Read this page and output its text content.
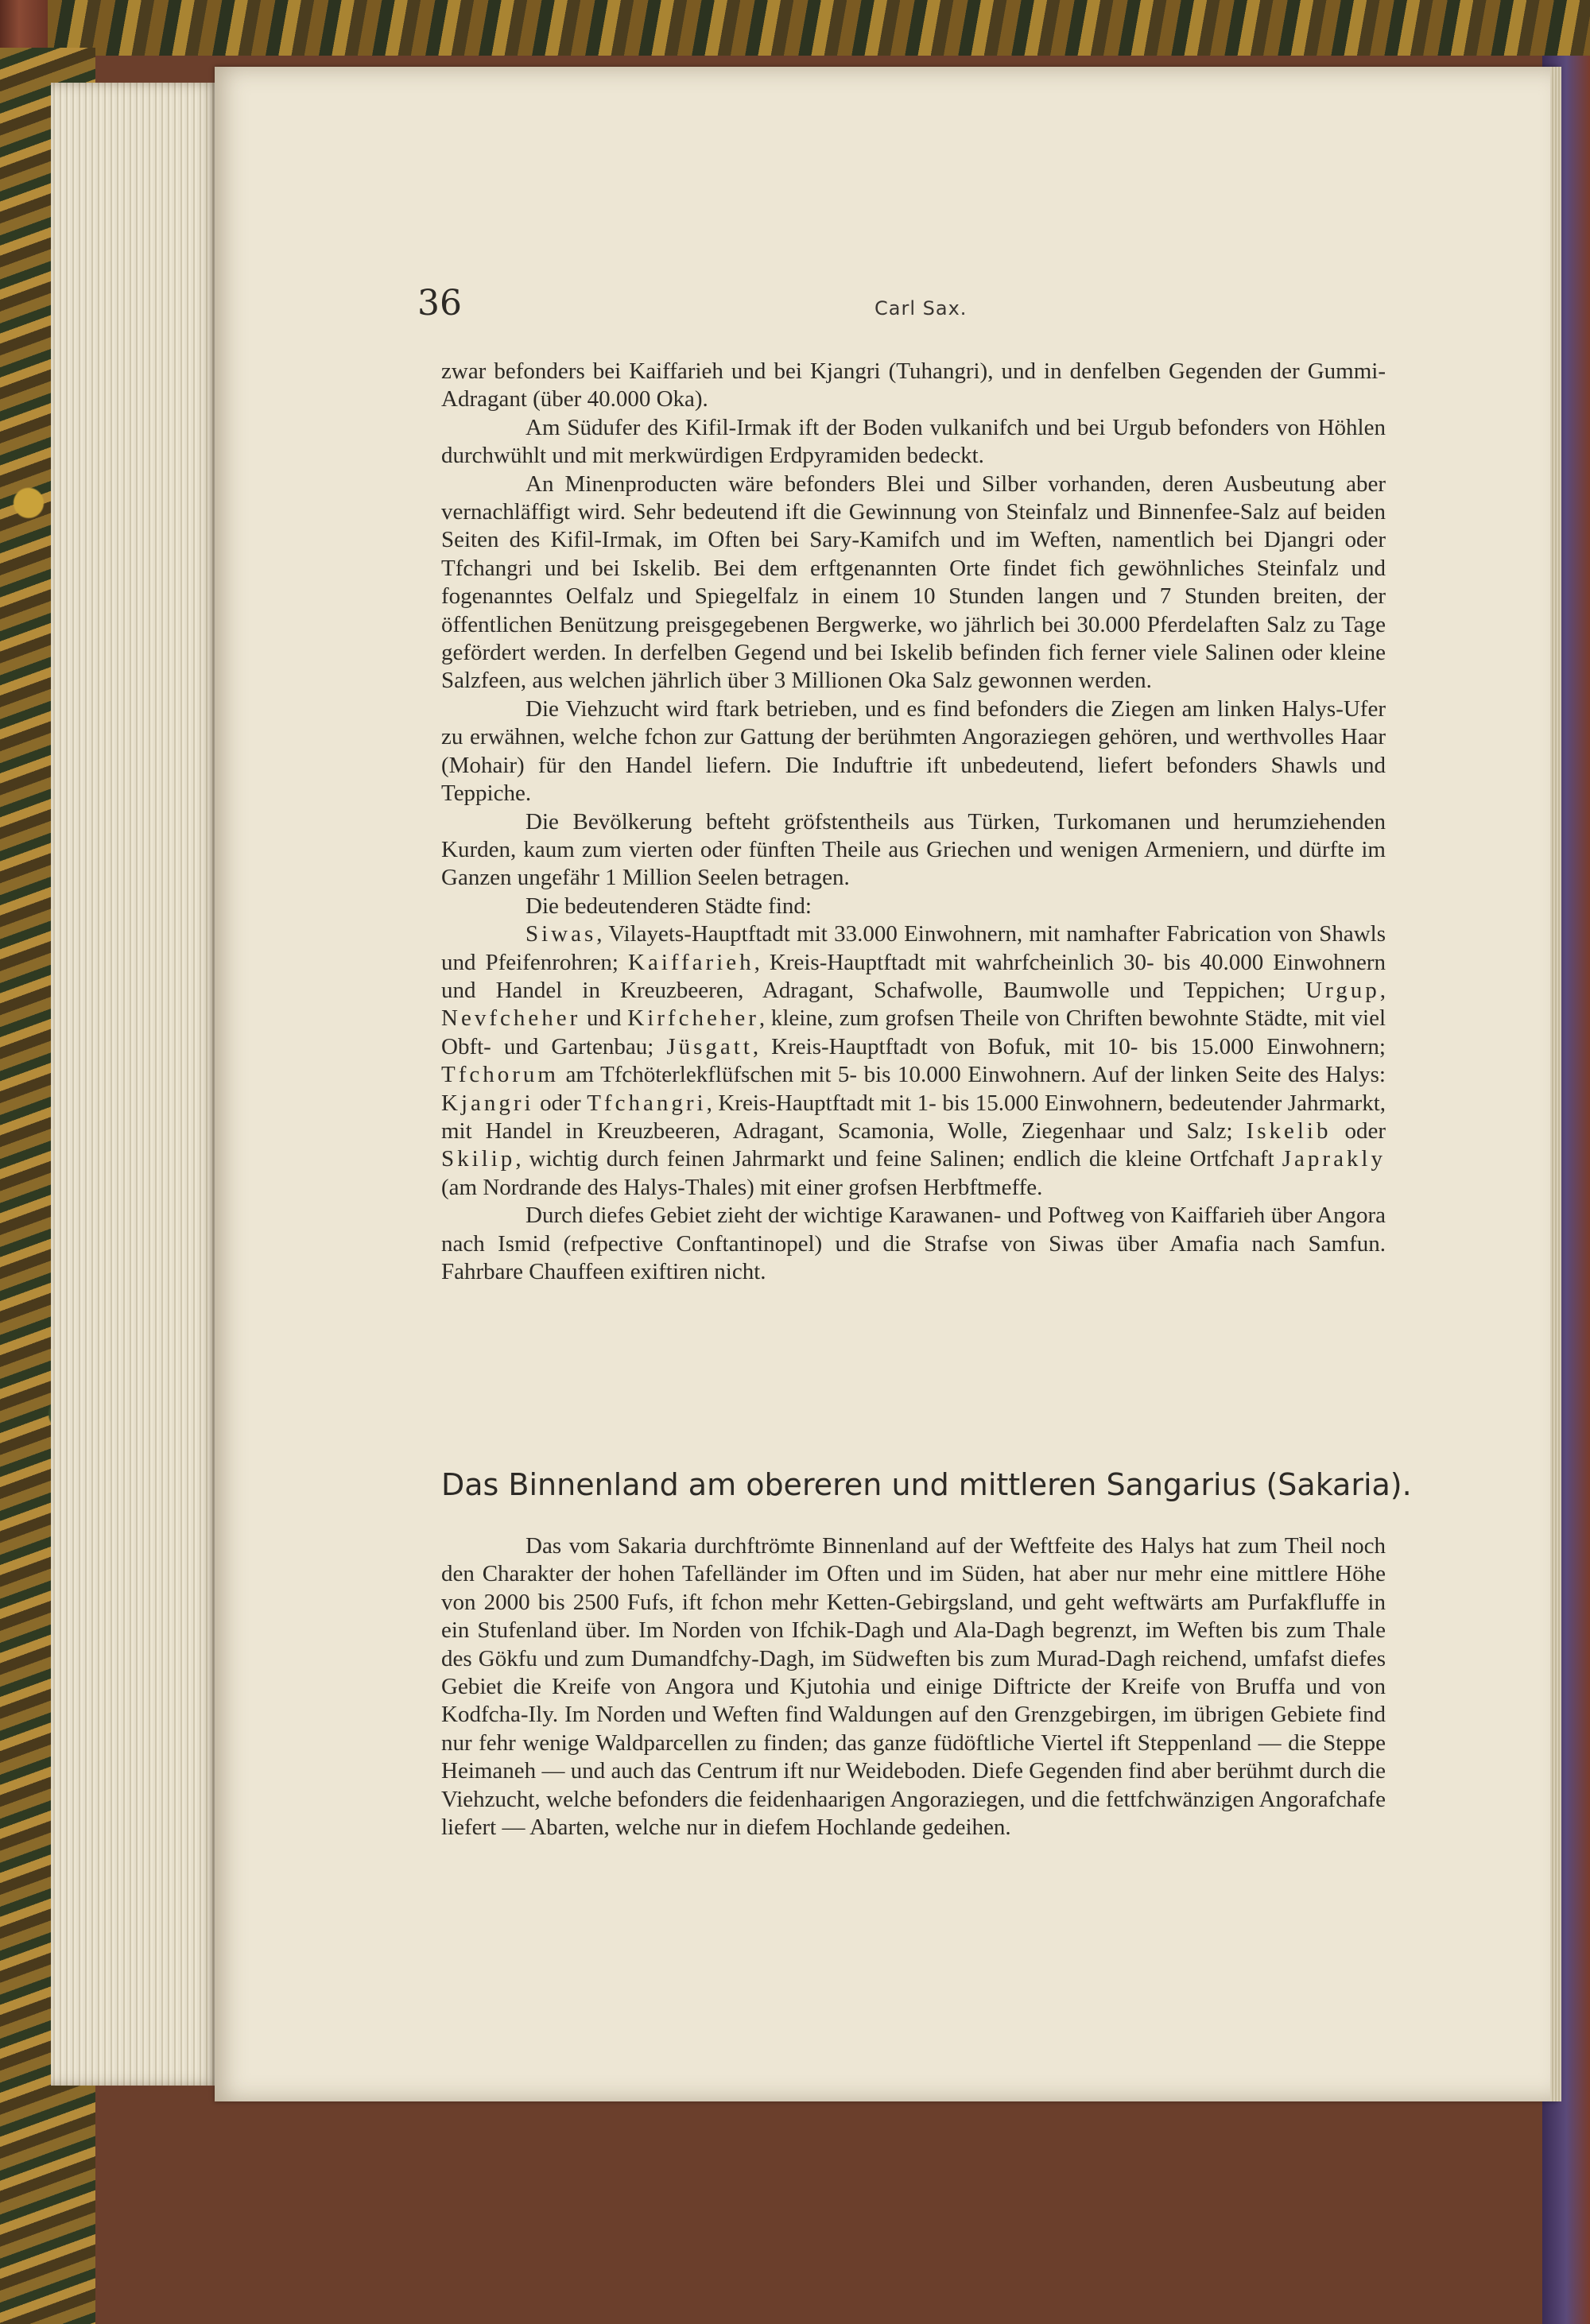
36	Carl Sax.

zwar befonders bei Kaiffarieh und bei Kjangri (Tuhangri), und in denfelben Gegenden der Gummi-Adragant (über 40.000 Oka).

Am Südufer des Kifil-Irmak ift der Boden vulkanifch und bei Urgub befonders von Höhlen durchwühlt und mit merkwürdigen Erdpyramiden bedeckt.

An Minenproducten wäre befonders Blei und Silber vorhanden, deren Ausbeutung aber vernachläffigt wird. Sehr bedeutend ift die Gewinnung von Steinfalz und Binnenfee-Salz auf beiden Seiten des Kifil-Irmak, im Often bei Sary-Kamifch und im Weften, namentlich bei Djangri oder Tfchangri und bei Iskelib. Bei dem erftgenannten Orte findet fich gewöhnliches Steinfalz und fogenanntes Oelfalz und Spiegelfalz in einem 10 Stunden langen und 7 Stunden breiten, der öffentlichen Benützung preisgegebenen Bergwerke, wo jährlich bei 30.000 Pferdelaften Salz zu Tage gefördert werden. In derfelben Gegend und bei Iskelib befinden fich ferner viele Salinen oder kleine Salzfeen, aus welchen jährlich über 3 Millionen Oka Salz gewonnen werden.

Die Viehzucht wird ftark betrieben, und es find befonders die Ziegen am linken Halys-Ufer zu erwähnen, welche fchon zur Gattung der berühmten Angoraziegen gehören, und werthvolles Haar (Mohair) für den Handel liefern. Die Induftrie ift unbedeutend, liefert befonders Shawls und Teppiche.

Die Bevölkerung befteht gröfstentheils aus Türken, Turkomanen und herumziehenden Kurden, kaum zum vierten oder fünften Theile aus Griechen und wenigen Armeniern, und dürfte im Ganzen ungefähr 1 Million Seelen betragen.

Die bedeutenderen Städte find:

Siwas, Vilayets-Hauptftadt mit 33.000 Einwohnern, mit namhafter Fabrication von Shawls und Pfeifenrohren; Kaiffarieh, Kreis-Hauptftadt mit wahrfcheinlich 30- bis 40.000 Einwohnern und Handel in Kreuzbeeren, Adragant, Schafwolle, Baumwolle und Teppichen; Urgup, Nevfcheher und Kirfcheher, kleine, zum grofsen Theile von Chriften bewohnte Städte, mit viel Obft- und Gartenbau; Jüsgatt, Kreis-Hauptftadt von Bofuk, mit 10- bis 15.000 Einwohnern; Tfchorum am Tfchöterlekflüfschen mit 5- bis 10.000 Einwohnern. Auf der linken Seite des Halys: Kjangri oder Tfchangri, Kreis-Hauptftadt mit 1- bis 15.000 Einwohnern, bedeutender Jahrmarkt, mit Handel in Kreuzbeeren, Adragant, Scamonia, Wolle, Ziegenhaar und Salz; Iskelib oder Skilip, wichtig durch feinen Jahrmarkt und feine Salinen; endlich die kleine Ortfchaft Japrakly (am Nordrande des Halys-Thales) mit einer grofsen Herbftmeffe.

Durch diefes Gebiet zieht der wichtige Karawanen- und Poftweg von Kaiffarieh über Angora nach Ismid (refpective Conftantinopel) und die Strafse von Siwas über Amafia nach Samfun. Fahrbare Chauffeen exiftiren nicht.

Das Binnenland am obereren und mittleren Sangarius (Sakaria).

Das vom Sakaria durchftrömte Binnenland auf der Weftfeite des Halys hat zum Theil noch den Charakter der hohen Tafelländer im Often und im Süden, hat aber nur mehr eine mittlere Höhe von 2000 bis 2500 Fufs, ift fchon mehr Ketten-Gebirgsland, und geht weftwärts am Purfakfluffe in ein Stufenland über. Im Norden von Ifchik-Dagh und Ala-Dagh begrenzt, im Weften bis zum Thale des Gökfu und zum Dumandfchy-Dagh, im Südweften bis zum Murad-Dagh reichend, umfafst diefes Gebiet die Kreife von Angora und Kjutohia und einige Diftricte der Kreife von Bruffa und von Kodfcha-Ily. Im Norden und Weften find Waldungen auf den Grenzgebirgen, im übrigen Gebiete find nur fehr wenige Waldparcellen zu finden; das ganze füdöftliche Viertel ift Steppenland — die Steppe Heimaneh — und auch das Centrum ift nur Weideboden. Diefe Gegenden find aber berühmt durch die Viehzucht, welche befonders die feidenhaarigen Angoraziegen, und die fettfchwänzigen Angorafchafe liefert — Abarten, welche nur in diefem Hochlande gedeihen.
